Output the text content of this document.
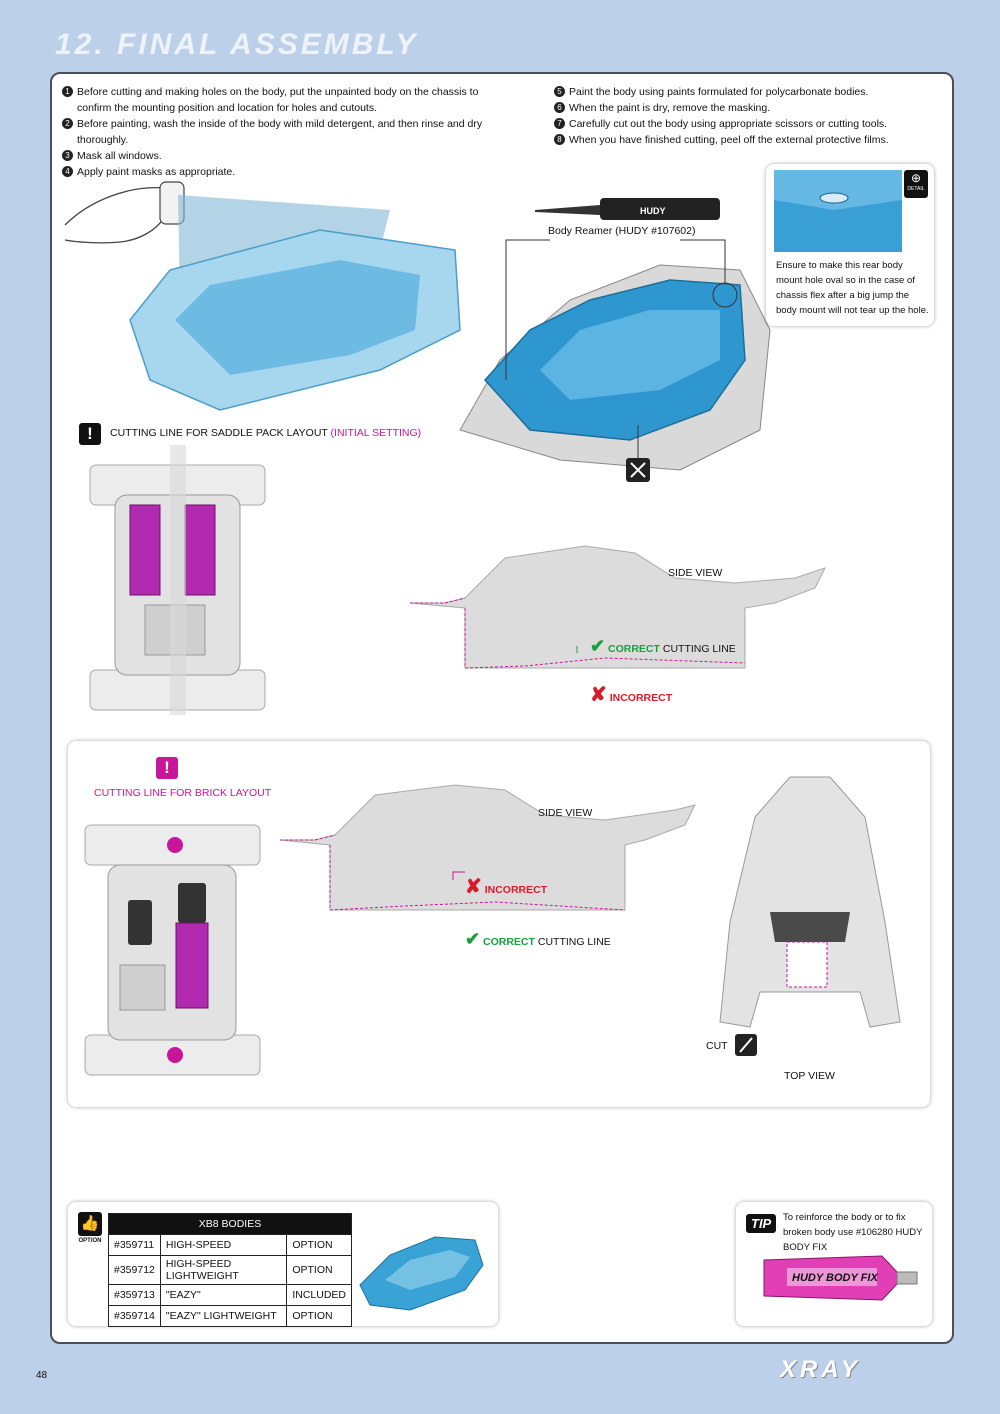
12. FINAL ASSEMBLY
1 Before cutting and making holes on the body, put the unpainted body on the chassis to confirm the mounting position and location for holes and cutouts.
2 Before painting, wash the inside of the body with mild detergent, and then rinse and dry thoroughly.
3 Mask all windows.
4 Apply paint masks as appropriate.
5 Paint the body using paints formulated for polycarbonate bodies.
6 When the paint is dry, remove the masking.
7 Carefully cut out the body using appropriate scissors or cutting tools.
8 When you have finished cutting, peel off the external protective films.
HUDY
Body Reamer (HUDY #107602)
⊕
DETAIL
Ensure to make this rear body mount hole oval so in the case of chassis flex after a big jump the body mount will not tear up the hole.
!	CUTTING LINE FOR SADDLE PACK LAYOUT (INITIAL SETTING)
SIDE VIEW
✔ CORRECT CUTTING LINE
✘ INCORRECT
!
CUTTING LINE FOR BRICK LAYOUT
SIDE VIEW
✘ INCORRECT
✔ CORRECT CUTTING LINE
CUT
TOP VIEW
👍
OPTION
XB8 BODIES		
#359711	HIGH-SPEED	OPTION
#359712	HIGH-SPEED LIGHTWEIGHT	OPTION
#359713	"EAZY"	INCLUDED
#359714	"EAZY" LIGHTWEIGHT	OPTION
TIP	To reinforce the body or to fix broken body use #106280 HUDY BODY FIX
HUDY BODY FIX
48	XRAY
